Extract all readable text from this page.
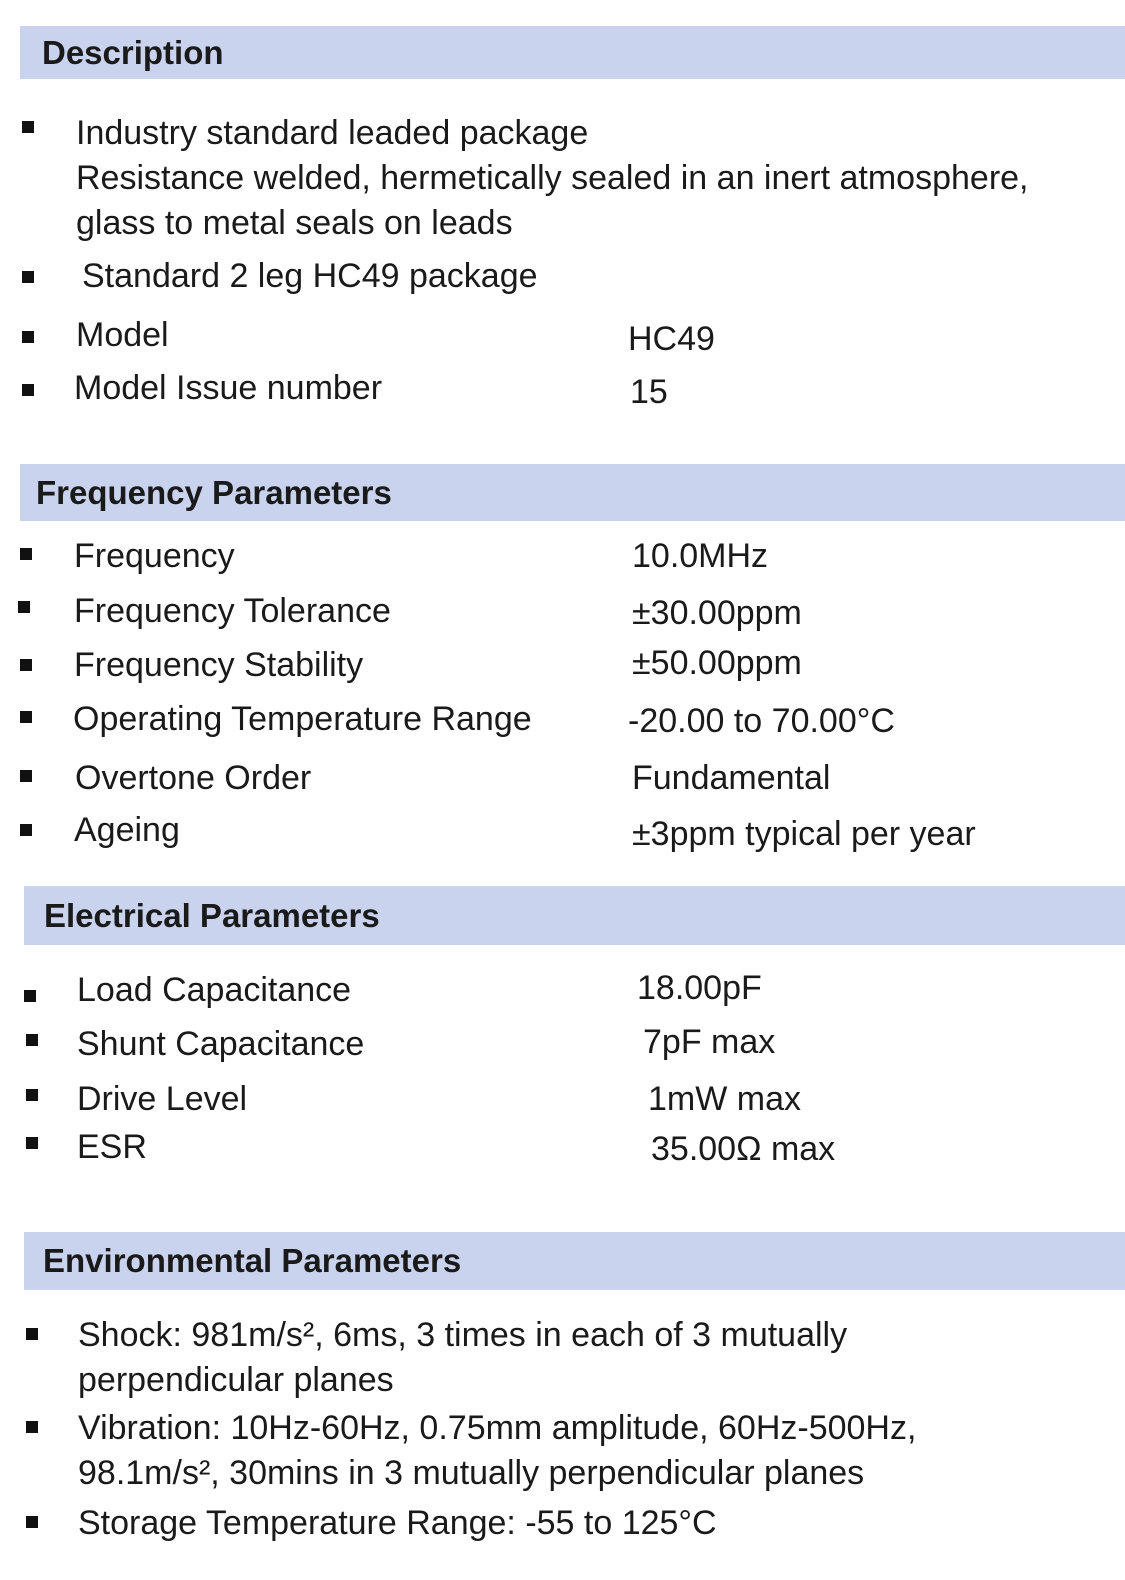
Description
Industry standard leaded package
Resistance welded, hermetically sealed in an inert atmosphere,
glass to metal seals on leads
Standard 2 leg HC49 package
Model	HC49
Model Issue number	15
Frequency Parameters
Frequency	10.0MHz
Frequency Tolerance	±30.00ppm
Frequency Stability	±50.00ppm
Operating Temperature Range	-20.00 to 70.00°C
Overtone Order	Fundamental
Ageing	±3ppm typical per year
Electrical Parameters
Load Capacitance	18.00pF
Shunt Capacitance	7pF max
Drive Level	1mW max
ESR	35.00Ω max
Environmental Parameters
Shock: 981m/s², 6ms, 3 times in each of 3 mutually
perpendicular planes
Vibration: 10Hz-60Hz, 0.75mm amplitude, 60Hz-500Hz,
98.1m/s², 30mins in 3 mutually perpendicular planes
Storage Temperature Range: -55 to 125°C
